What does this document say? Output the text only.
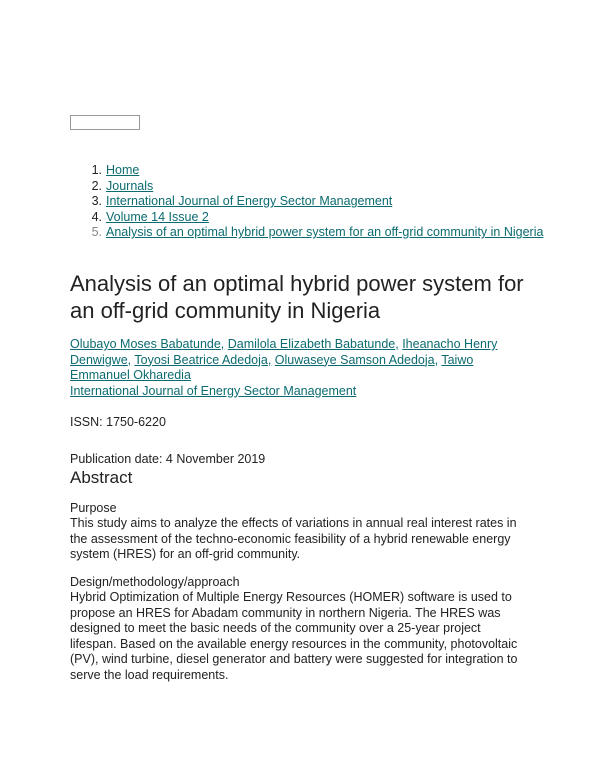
1. Home
2. Journals
3. International Journal of Energy Sector Management
4. Volume 14 Issue 2
5. Analysis of an optimal hybrid power system for an off-grid community in Nigeria
Analysis of an optimal hybrid power system for an off-grid community in Nigeria
Olubayo Moses Babatunde, Damilola Elizabeth Babatunde, Iheanacho Henry Denwigwe, Toyosi Beatrice Adedoja, Oluwaseye Samson Adedoja, Taiwo Emmanuel Okharedia
International Journal of Energy Sector Management

ISSN: 1750-6220

Publication date: 4 November 2019

Abstract

Purpose

This study aims to analyze the effects of variations in annual real interest rates in the assessment of the techno-economic feasibility of a hybrid renewable energy system (HRES) for an off-grid community.

Design/methodology/approach

Hybrid Optimization of Multiple Energy Resources (HOMER) software is used to propose an HRES for Abadam community in northern Nigeria. The HRES was designed to meet the basic needs of the community over a 25-year project lifespan. Based on the available energy resources in the community, photovoltaic (PV), wind turbine, diesel generator and battery were suggested for integration to serve the load requirements.
